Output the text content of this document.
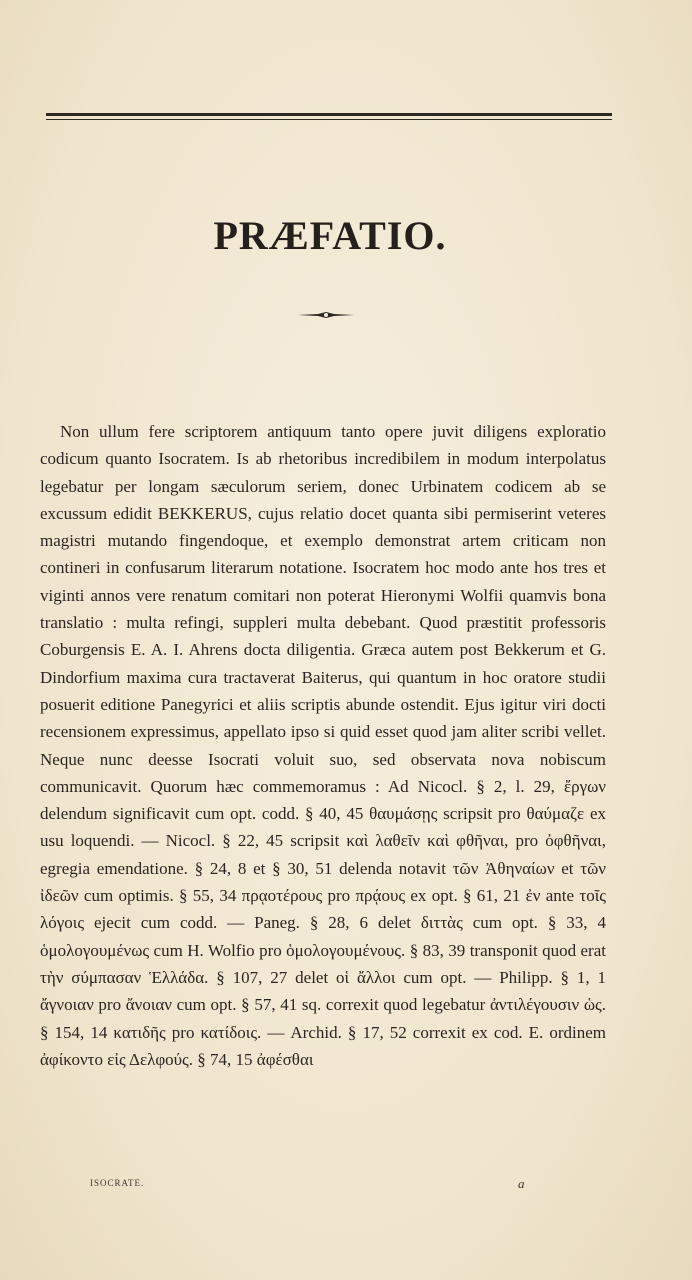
PRÆFATIO.

Non ullum fere scriptorem antiquum tanto opere juvit diligens exploratio codicum quanto Isocratem. Is ab rhetoribus incredibilem in modum interpolatus legebatur per longam sæculorum seriem, donec Urbinatem codicem ab se excussum edidit BEKKERUS, cujus relatio docet quanta sibi permiserint veteres magistri mutando fingendoque, et exemplo demonstrat artem criticam non contineri in confusarum literarum notatione. Isocratem hoc modo ante hos tres et viginti annos vere renatum comitari non poterat Hieronymi Wolfii quamvis bona translatio : multa refingi, suppleri multa debebant. Quod præstitit professoris Coburgensis E. A. I. Ahrens docta diligentia. Græca autem post Bekkerum et G. Dindorfium maxima cura tractaverat Baiterus, qui quantum in hoc oratore studii posuerit editione Panegyrici et aliis scriptis abunde ostendit. Ejus igitur viri docti recensionem expressimus, appellato ipso si quid esset quod jam aliter scribi vellet. Neque nunc deesse Isocrati voluit suo, sed observata nova nobiscum communicavit. Quorum hæc commemoramus : Ad Nicocl. § 2, l. 29, ἔργων delendum significavit cum opt. codd. § 40, 45 θαυμάσῃς scripsit pro θαύμαζε ex usu loquendi. — Nicocl. § 22, 45 scripsit καὶ λαθεῖν καὶ φθῆναι, pro ὀφθῆναι, egregia emendatione. § 24, 8 et § 30, 51 delenda notavit τῶν Ἀθηναίων et τῶν ἰδεῶν cum optimis. § 55, 34 πρᾳοτέρους pro πρᾴους ex opt. § 61, 21 ἐν ante τοῖς λόγοις ejecit cum codd. — Paneg. § 28, 6 delet διττὰς cum opt. § 33, 4 ὁμολογουμένως cum H. Wolfio pro ὁμολογουμένους. § 83, 39 transponit quod erat τὴν σύμπασαν Ἑλλάδα. § 107, 27 delet οἱ ἄλλοι cum opt. — Philipp. § 1, 1 ἄγνοιαν pro ἄνοιαν cum opt. § 57, 41 sq. correxit quod legebatur ἀντιλέγουσιν ὡς. § 154, 14 κατιδῆς pro κατίδοις. — Archid. § 17, 52 correxit ex cod. E. ordinem ἀφίκοντο εἰς Δελφούς. § 74, 15 ἀφέσθαι

ISOCRATE.	a
